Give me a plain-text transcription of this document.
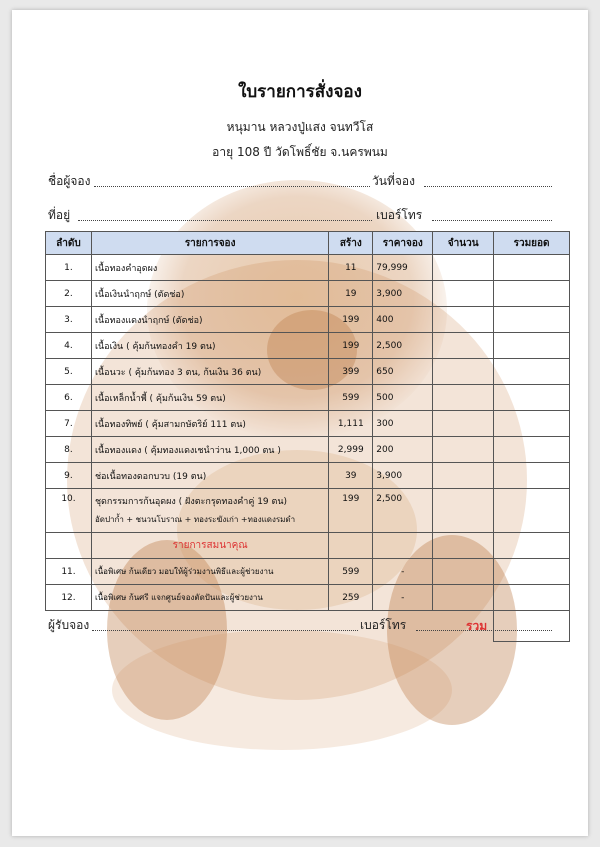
ใบรายการสั่งจอง
หนุมาน หลวงปู่แสง จนทวีโส
อายุ 108 ปี วัดโพธิ์ชัย จ.นครพนม
ชื่อผู้จอง	วันที่จอง
ที่อยู่	เบอร์โทร
ลำดับ	รายการจอง	สร้าง	ราคาจอง	จำนวน	รวมยอด
1.	เนื้อทองคำอุดผง	11	79,999		
2.	เนื้อเงินนำฤกษ์ (ตัดช่อ)	19	3,900		
3.	เนื้อทองแดงนำฤกษ์ (ตัดช่อ)	199	400		
4.	เนื้อเงิน ( คุ้มก้นทองคำ 19 ตน)	199	2,500		
5.	เนื้อนวะ ( คุ้มก้นทอง 3 ตน, ก้นเงิน 36 ตน)	399	650		
6.	เนื้อเหล็กน้ำพี้ ( คุ้มก้นเงิน 59 ตน)	599	500		
7.	เนื้อทองทิพย์ ( คุ้มสามกษัตริย์ 111 ตน)	1,111	300		
8.	เนื้อทองแดง ( คุ้มทองแดงเชนำว่าน 1,000 ตน )	2,999	200		
9.	ช่อเนื้อทองดอกบวบ (19 ตน)	39	3,900		
10.	ชุดกรรมการก้นอุดผง ( ฝังตะกรุดทองคำคู่ 19 ตน)
อัดปาก้ำ + ชนวนโบราณ + ทองระฆังเก่า +ทองแดงรมดำ	199	2,500		
	รายการสมนาคุณ				
11.	เนื้อพิเศษ ก้นเดียว มอบให้ผู้ร่วมงานพิธีและผู้ช่วยงาน	599	-		
12.	เนื้อพิเศษ ก้นศรี แจกศูนย์จองตัดปันและผู้ช่วยงาน	259	-		
รวม					
ผู้รับจอง	เบอร์โทร
